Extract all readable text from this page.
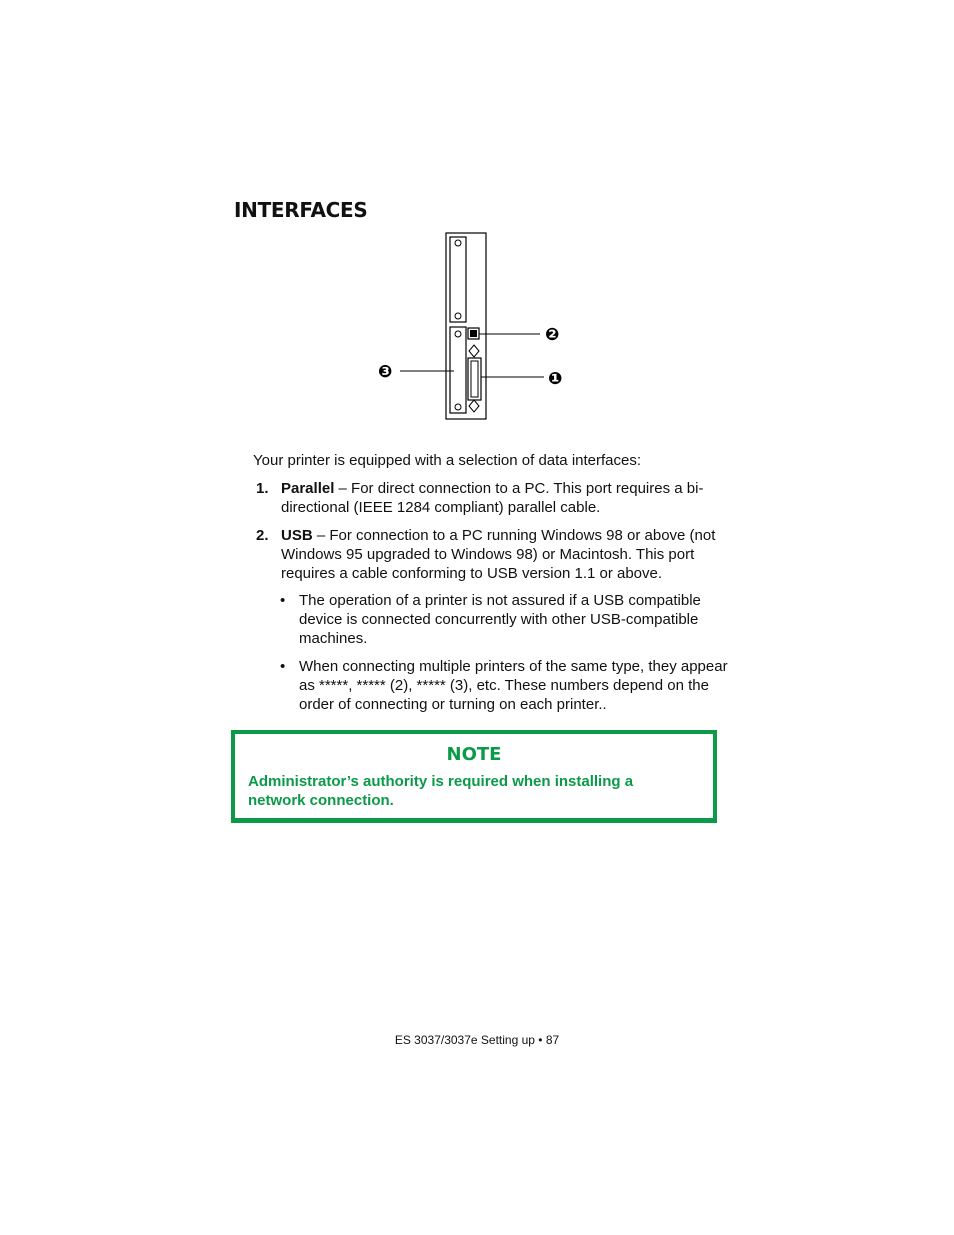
INTERFACES
❷
❶
❸
Your printer is equipped with a selection of data interfaces:
1. Parallel – For direct connection to a PC. This port requires a bi-directional (IEEE 1284 compliant) parallel cable.
2. USB – For connection to a PC running Windows 98 or above (not Windows 95 upgraded to Windows 98) or Macintosh. This port requires a cable conforming to USB version 1.1 or above.
• The operation of a printer is not assured if a USB compatible device is connected concurrently with other USB-compatible machines.
• When connecting multiple printers of the same type, they appear as *****, ***** (2), ***** (3), etc. These numbers depend on the order of connecting or turning on each printer..
NOTE
Administrator’s authority is required when installing a network connection.
ES 3037/3037e Setting up • 87
